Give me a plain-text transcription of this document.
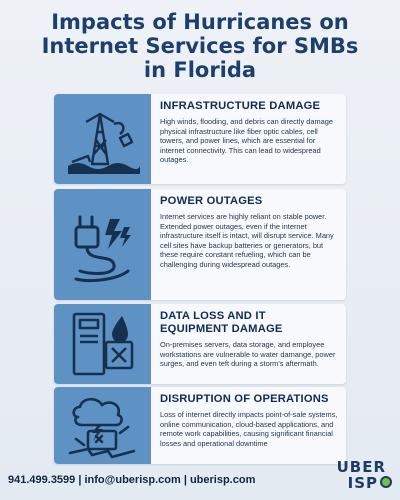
Impacts of Hurricanes on
Internet Services for SMBs
in Florida

INFRASTRUCTURE DAMAGE

High winds, flooding, and debris can directly damage physical infrastructure like fiber optic cables, cell towers, and power lines, which are essential for internet connectivity. This can lead to widespread outages.

POWER OUTAGES

Internet services are highly reliant on stable power. Extended power outages, even if the internet infrastructure itself is intact, will disrupt service. Many cell sites have backup batteries or generators, but these require constant refueling, which can be challenging during widespread outages.

DATA LOSS AND IT
EQUIPMENT DAMAGE

On-premises servers, data storage, and employee workstations are vulnerable to water damange, power surges, and even teft during a storm's aftermath.

DISRUPTION OF OPERATIONS

Loss of internet directly impacts point-of-sale systems, online communication, cloud-based applications, and remote work capabilities, causing significant financial losses and operational downtime

941.499.3599 | info@uberisp.com | uberisp.com
UBER
ISP
